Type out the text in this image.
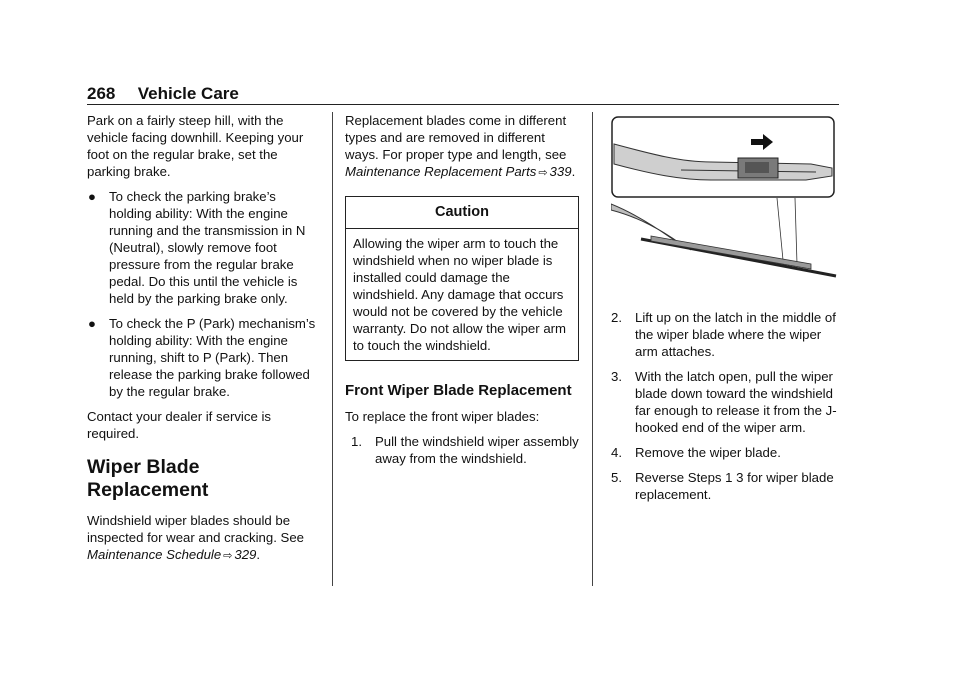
268 Vehicle Care

Park on a fairly steep hill, with the vehicle facing downhill. Keeping your foot on the regular brake, set the parking brake.

● To check the parking brake’s holding ability: With the engine running and the transmission in N (Neutral), slowly remove foot pressure from the regular brake pedal. Do this until the vehicle is held by the parking brake only.
● To check the P (Park) mechanism’s holding ability: With the engine running, shift to P (Park). Then release the parking brake followed by the regular brake.

Contact your dealer if service is required.

Wiper Blade Replacement

Windshield wiper blades should be inspected for wear and cracking. See Maintenance Schedule ⇨ 329.

Replacement blades come in different types and are removed in different ways. For proper type and length, see Maintenance Replacement Parts ⇨ 339.

Caution
Allowing the wiper arm to touch the windshield when no wiper blade is installed could damage the windshield. Any damage that occurs would not be covered by the vehicle warranty. Do not allow the wiper arm to touch the windshield.
Front Wiper Blade Replacement

To replace the front wiper blades:

1. Pull the windshield wiper assembly away from the windshield.
2. Lift up on the latch in the middle of the wiper blade where the wiper arm attaches.
3. With the latch open, pull the wiper blade down toward the windshield far enough to release it from the J-hooked end of the wiper arm.
4. Remove the wiper blade.
5. Reverse Steps 1 3 for wiper blade replacement.
